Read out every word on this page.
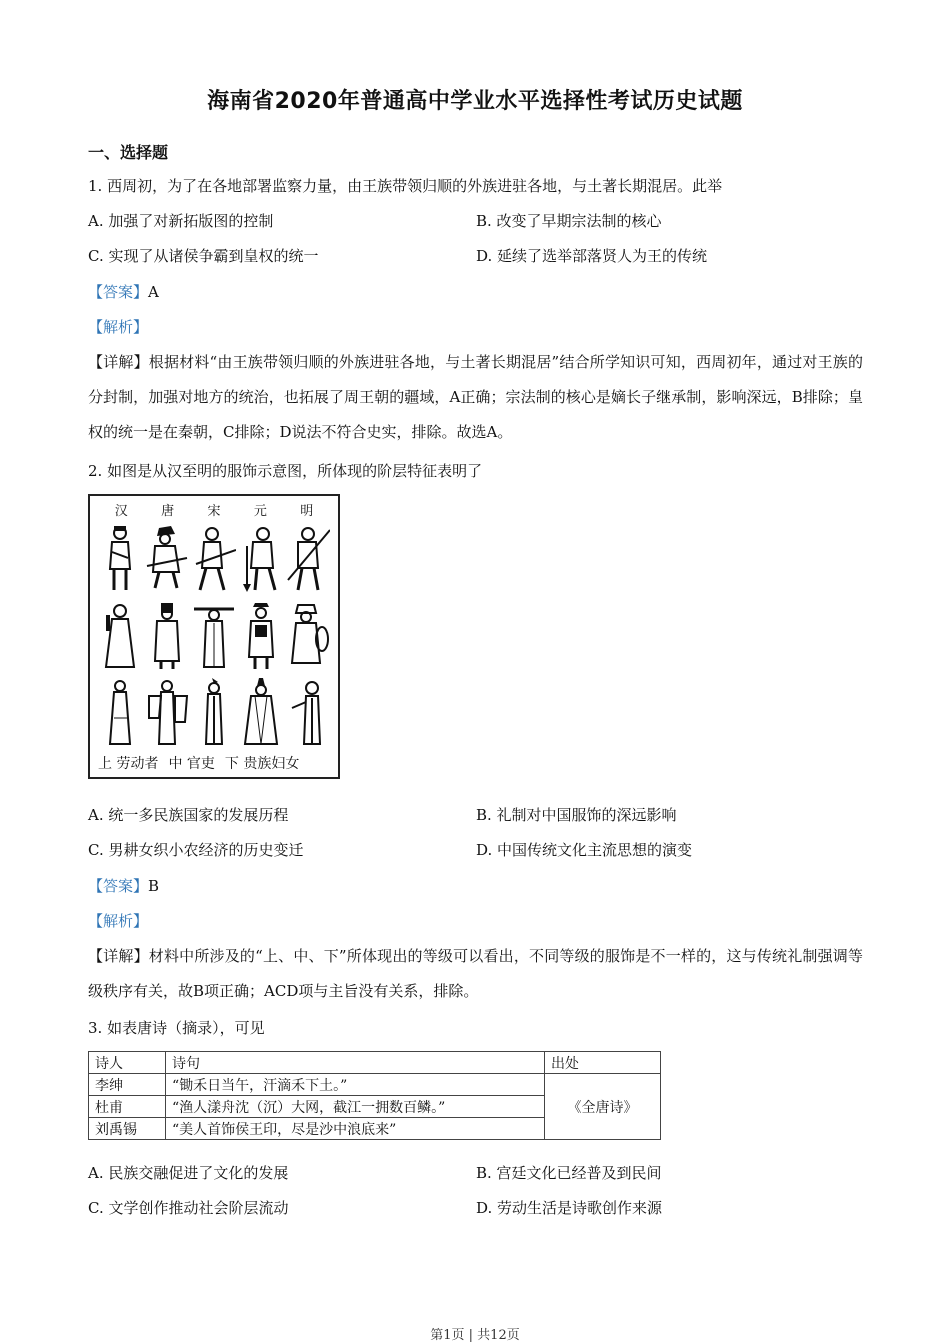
海南省2020年普通高中学业水平选择性考试历史试题
一、选择题
1. 西周初，为了在各地部署监察力量，由王族带领归顺的外族进驻各地，与土著长期混居。此举
A. 加强了对新拓版图的控制	B. 改变了早期宗法制的核心
C. 实现了从诸侯争霸到皇权的统一	D. 延续了选举部落贤人为王的传统
【答案】A
【解析】
【详解】根据材料“由王族带领归顺的外族进驻各地，与土著长期混居”结合所学知识可知，西周初年，通过对王族的分封制，加强对地方的统治，也拓展了周王朝的疆域，A正确；宗法制的核心是嫡长子继承制，影响深远，B排除；皇权的统一是在秦朝，C排除；D说法不符合史实，排除。故选A。
2. 如图是从汉至明的服饰示意图，所体现的阶层特征表明了
汉	唐	宋	元	明
上 劳动者 中 官吏 下 贵族妇女
A. 统一多民族国家的发展历程	B. 礼制对中国服饰的深远影响
C. 男耕女织小农经济的历史变迁	D. 中国传统文化主流思想的演变
【答案】B
【解析】
【详解】材料中所涉及的“上、中、下”所体现出的等级可以看出，不同等级的服饰是不一样的，这与传统礼制强调等级秩序有关，故B项正确；ACD项与主旨没有关系，排除。
3. 如表唐诗（摘录），可见
诗人	诗句	出处
李绅	“锄禾日当午，汗滴禾下土。”	《全唐诗》
杜甫	“渔人漾舟沈（沉）大网，截江一拥数百鳞。”	
刘禹锡	“美人首饰侯王印，尽是沙中浪底来”	
A. 民族交融促进了文化的发展	B. 宫廷文化已经普及到民间
C. 文学创作推动社会阶层流动	D. 劳动生活是诗歌创作来源
第1页 | 共12页
